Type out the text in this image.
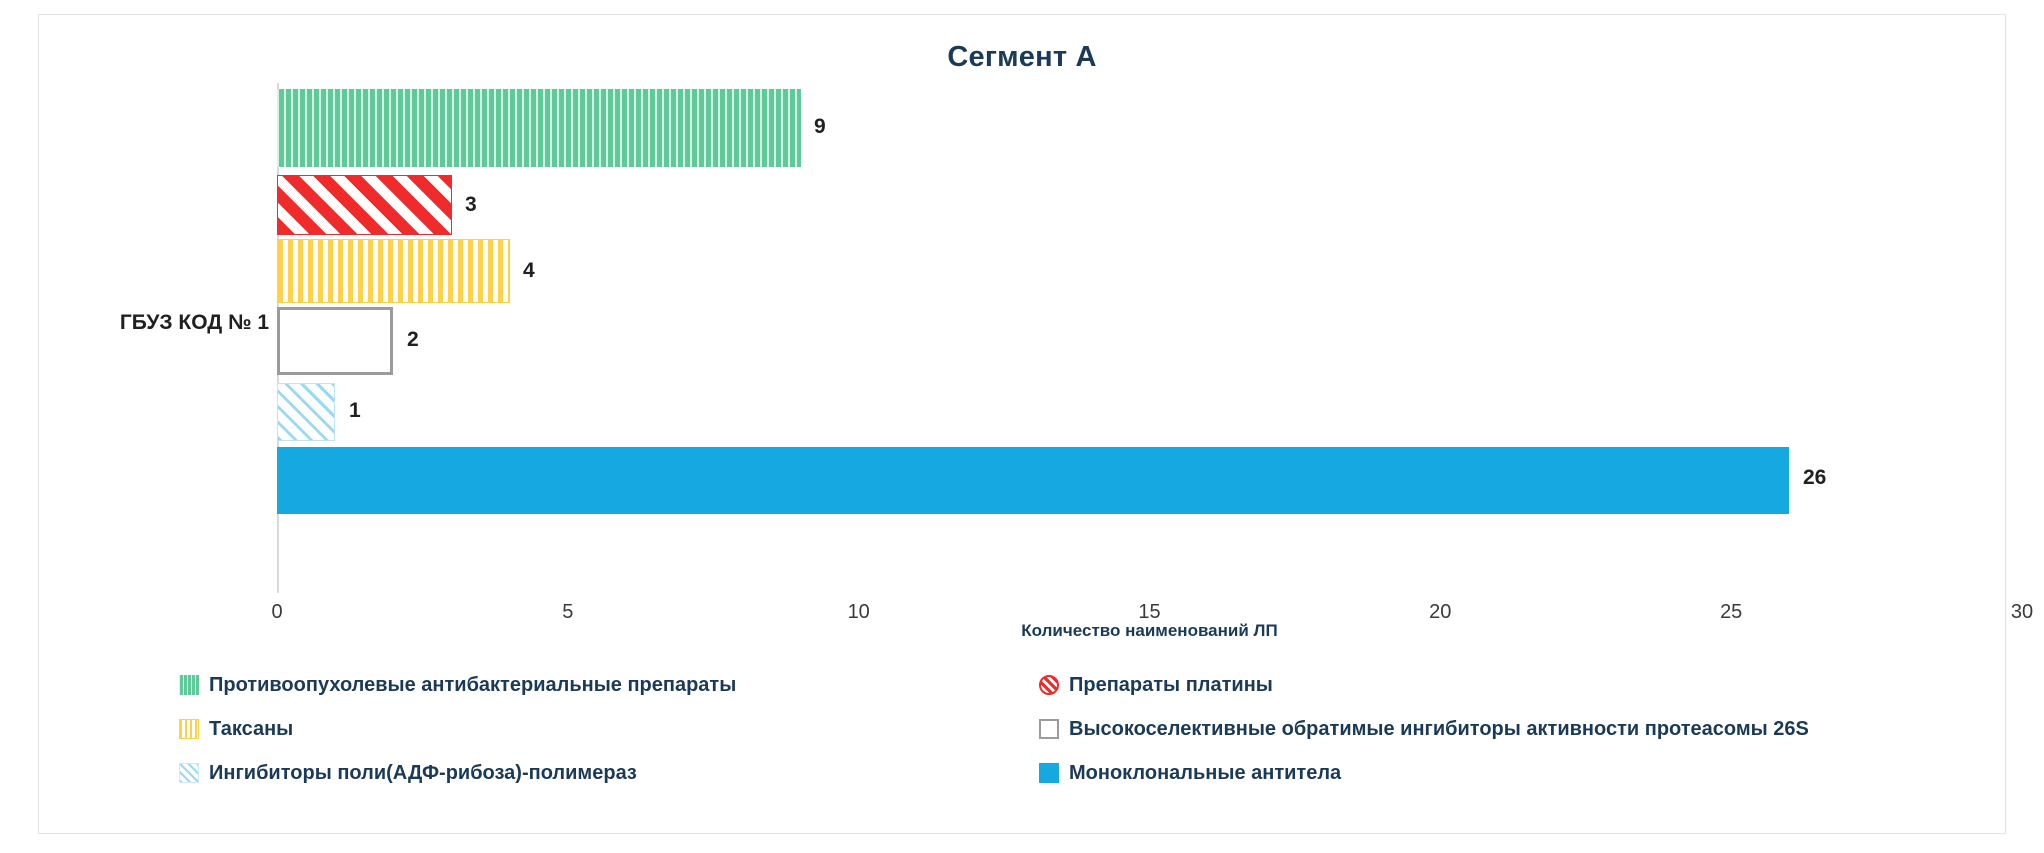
Сегмент А
ГБУЗ КОД № 1
9
3
4
2
1
26
0	5	10	15	20	25	30
Количество наименований ЛП
Противоопухолевые антибактериальные препараты	Препараты платины
Таксаны	Высокоселективные обратимые ингибиторы активности протеасомы 26S
Ингибиторы поли(АДФ-рибоза)-полимераз	Моноклональные антитела
